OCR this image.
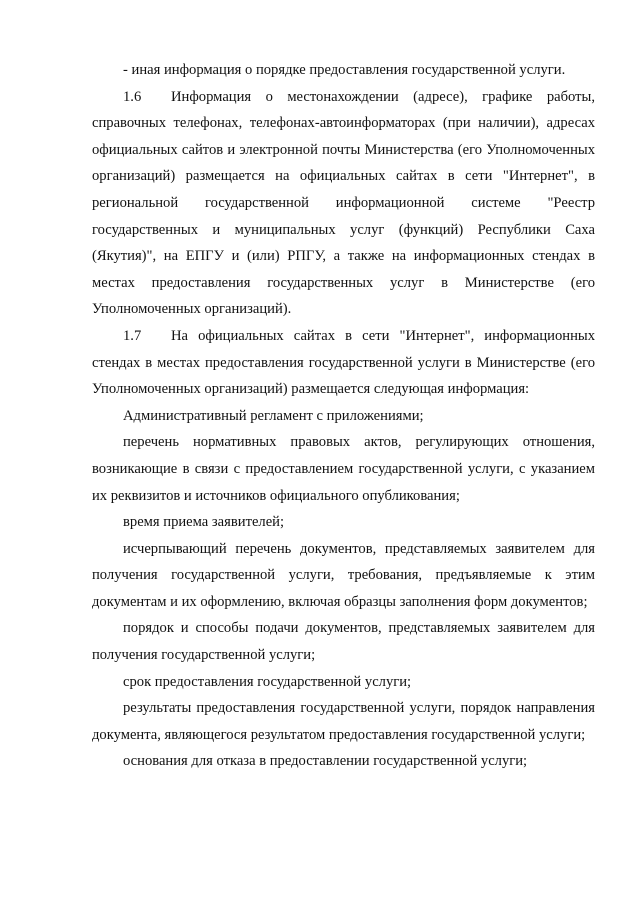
- иная информация о порядке предоставления государственной услуги.

1.6 Информация о местонахождении (адресе), графике работы, справочных телефонах, телефонах-автоинформаторах (при наличии), адресах официальных сайтов и электронной почты Министерства (его Уполномоченных организаций) размещается на официальных сайтах в сети "Интернет", в региональной государственной информационной системе "Реестр государственных и муниципальных услуг (функций) Республики Саха (Якутия)", на ЕПГУ и (или) РПГУ, а также на информационных стендах в местах предоставления государственных услуг в Министерстве (его Уполномоченных организаций).

1.7 На официальных сайтах в сети "Интернет", информационных стендах в местах предоставления государственной услуги в Министерстве (его Уполномоченных организаций) размещается следующая информация:

Административный регламент с приложениями;

перечень нормативных правовых актов, регулирующих отношения, возникающие в связи с предоставлением государственной услуги, с указанием их реквизитов и источников официального опубликования;

время приема заявителей;

исчерпывающий перечень документов, представляемых заявителем для получения государственной услуги, требования, предъявляемые к этим документам и их оформлению, включая образцы заполнения форм документов;

порядок и способы подачи документов, представляемых заявителем для получения государственной услуги;

срок предоставления государственной услуги;

результаты предоставления государственной услуги, порядок направления документа, являющегося результатом предоставления государственной услуги;

основания для отказа в предоставлении государственной услуги;
